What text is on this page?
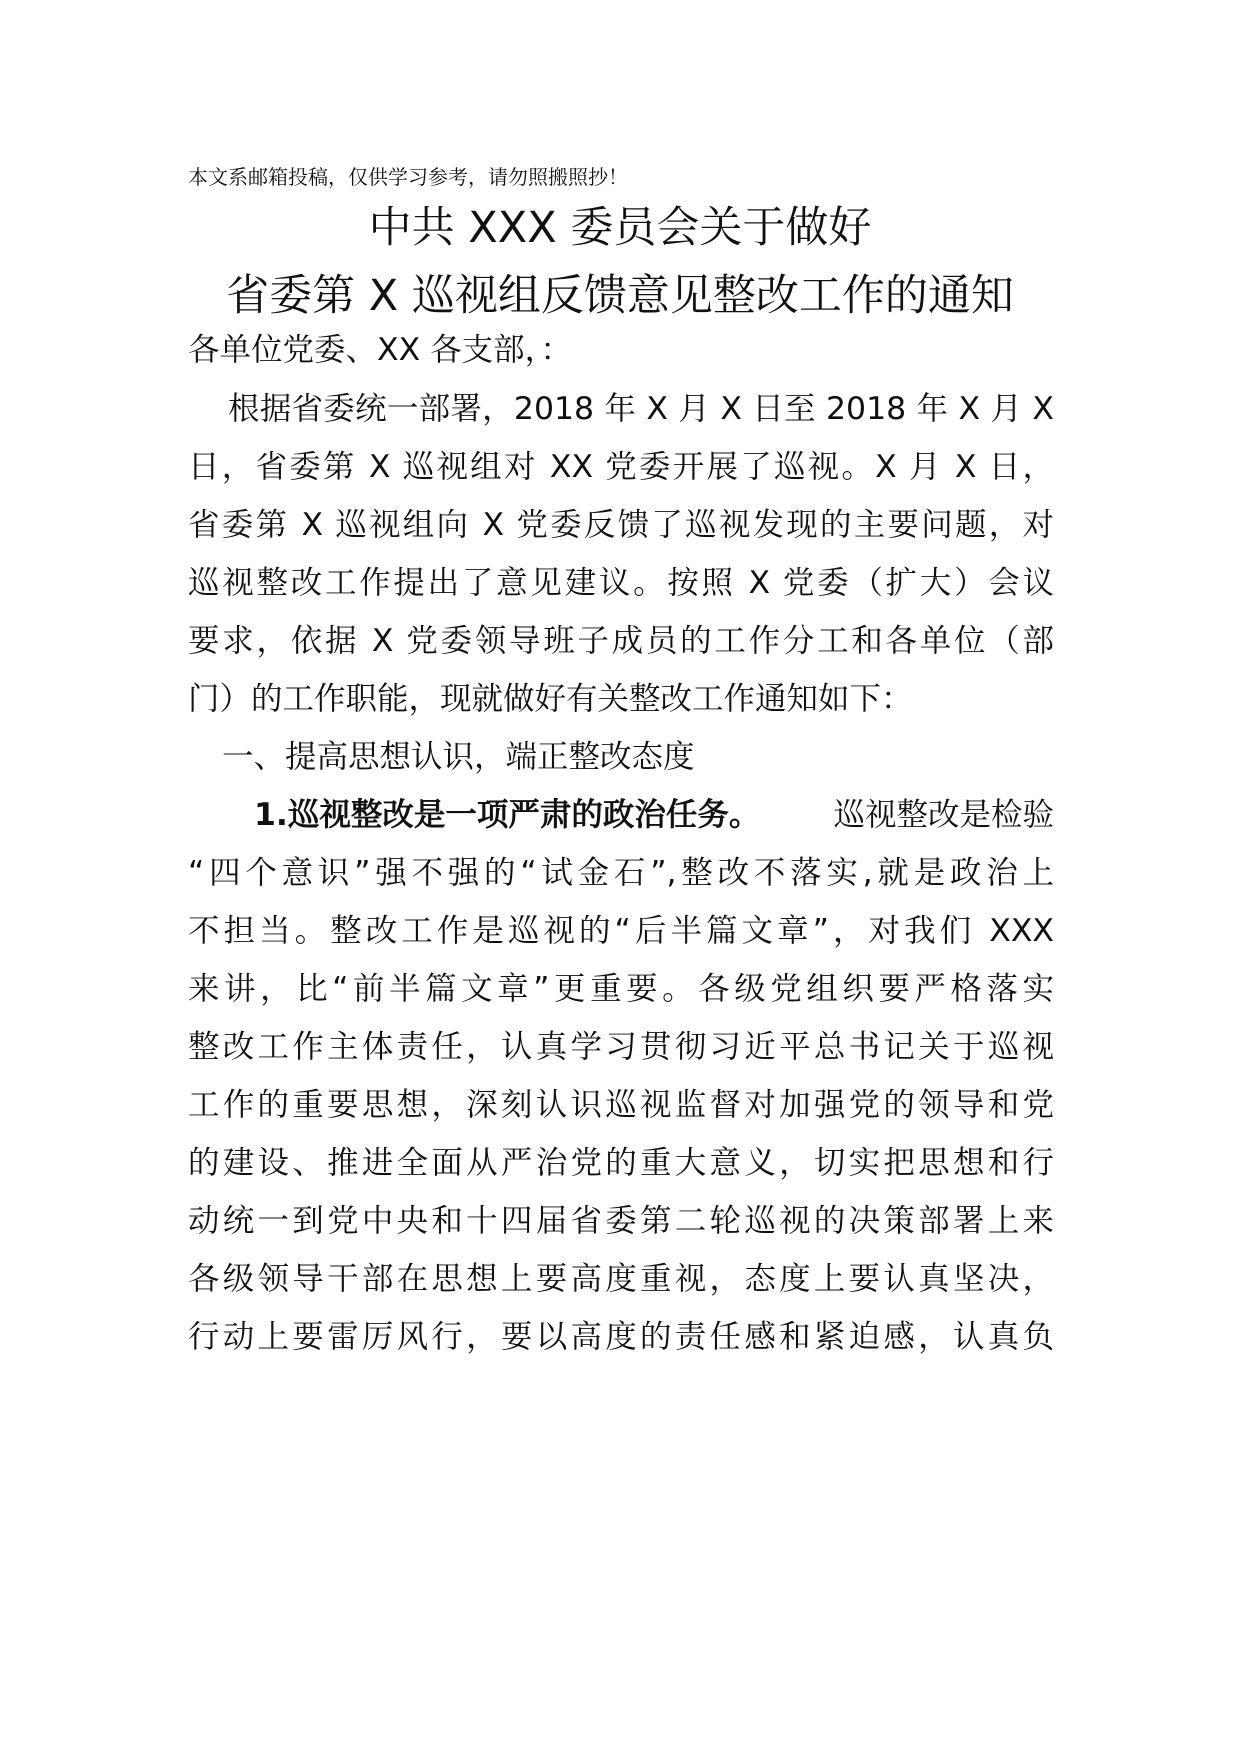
本文系邮箱投稿，仅供学习参考，请勿照搬照抄！
中共 XXX 委员会关于做好
省委第 X 巡视组反馈意见整改工作的通知
各单位党委、XX 各支部，：
根据省委统一部署，2018 年 X 月 X 日至 2018 年 X 月 X
日，省委第 X 巡视组对 XX 党委开展了巡视。X 月 X 日，
省委第 X 巡视组向 X 党委反馈了巡视发现的主要问题，对
巡视整改工作提出了意见建议。按照 X 党委（扩大）会议
要求，依据 X 党委领导班子成员的工作分工和各单位（部
门）的工作职能，现就做好有关整改工作通知如下：
一、提高思想认识，端正整改态度
1.巡视整改是一项严肃的政治任务。 巡视整改是检验
“四个意识”强不强的“试金石”,整改不落实,就是政治上
不担当。整改工作是巡视的“后半篇文章”，对我们 XXX
来讲，比“前半篇文章”更重要。各级党组织要严格落实
整改工作主体责任，认真学习贯彻习近平总书记关于巡视
工作的重要思想，深刻认识巡视监督对加强党的领导和党
的建设、推进全面从严治党的重大意义，切实把思想和行
动统一到党中央和十四届省委第二轮巡视的决策部署上来
各级领导干部在思想上要高度重视，态度上要认真坚决，
行动上要雷厉风行，要以高度的责任感和紧迫感，认真负
